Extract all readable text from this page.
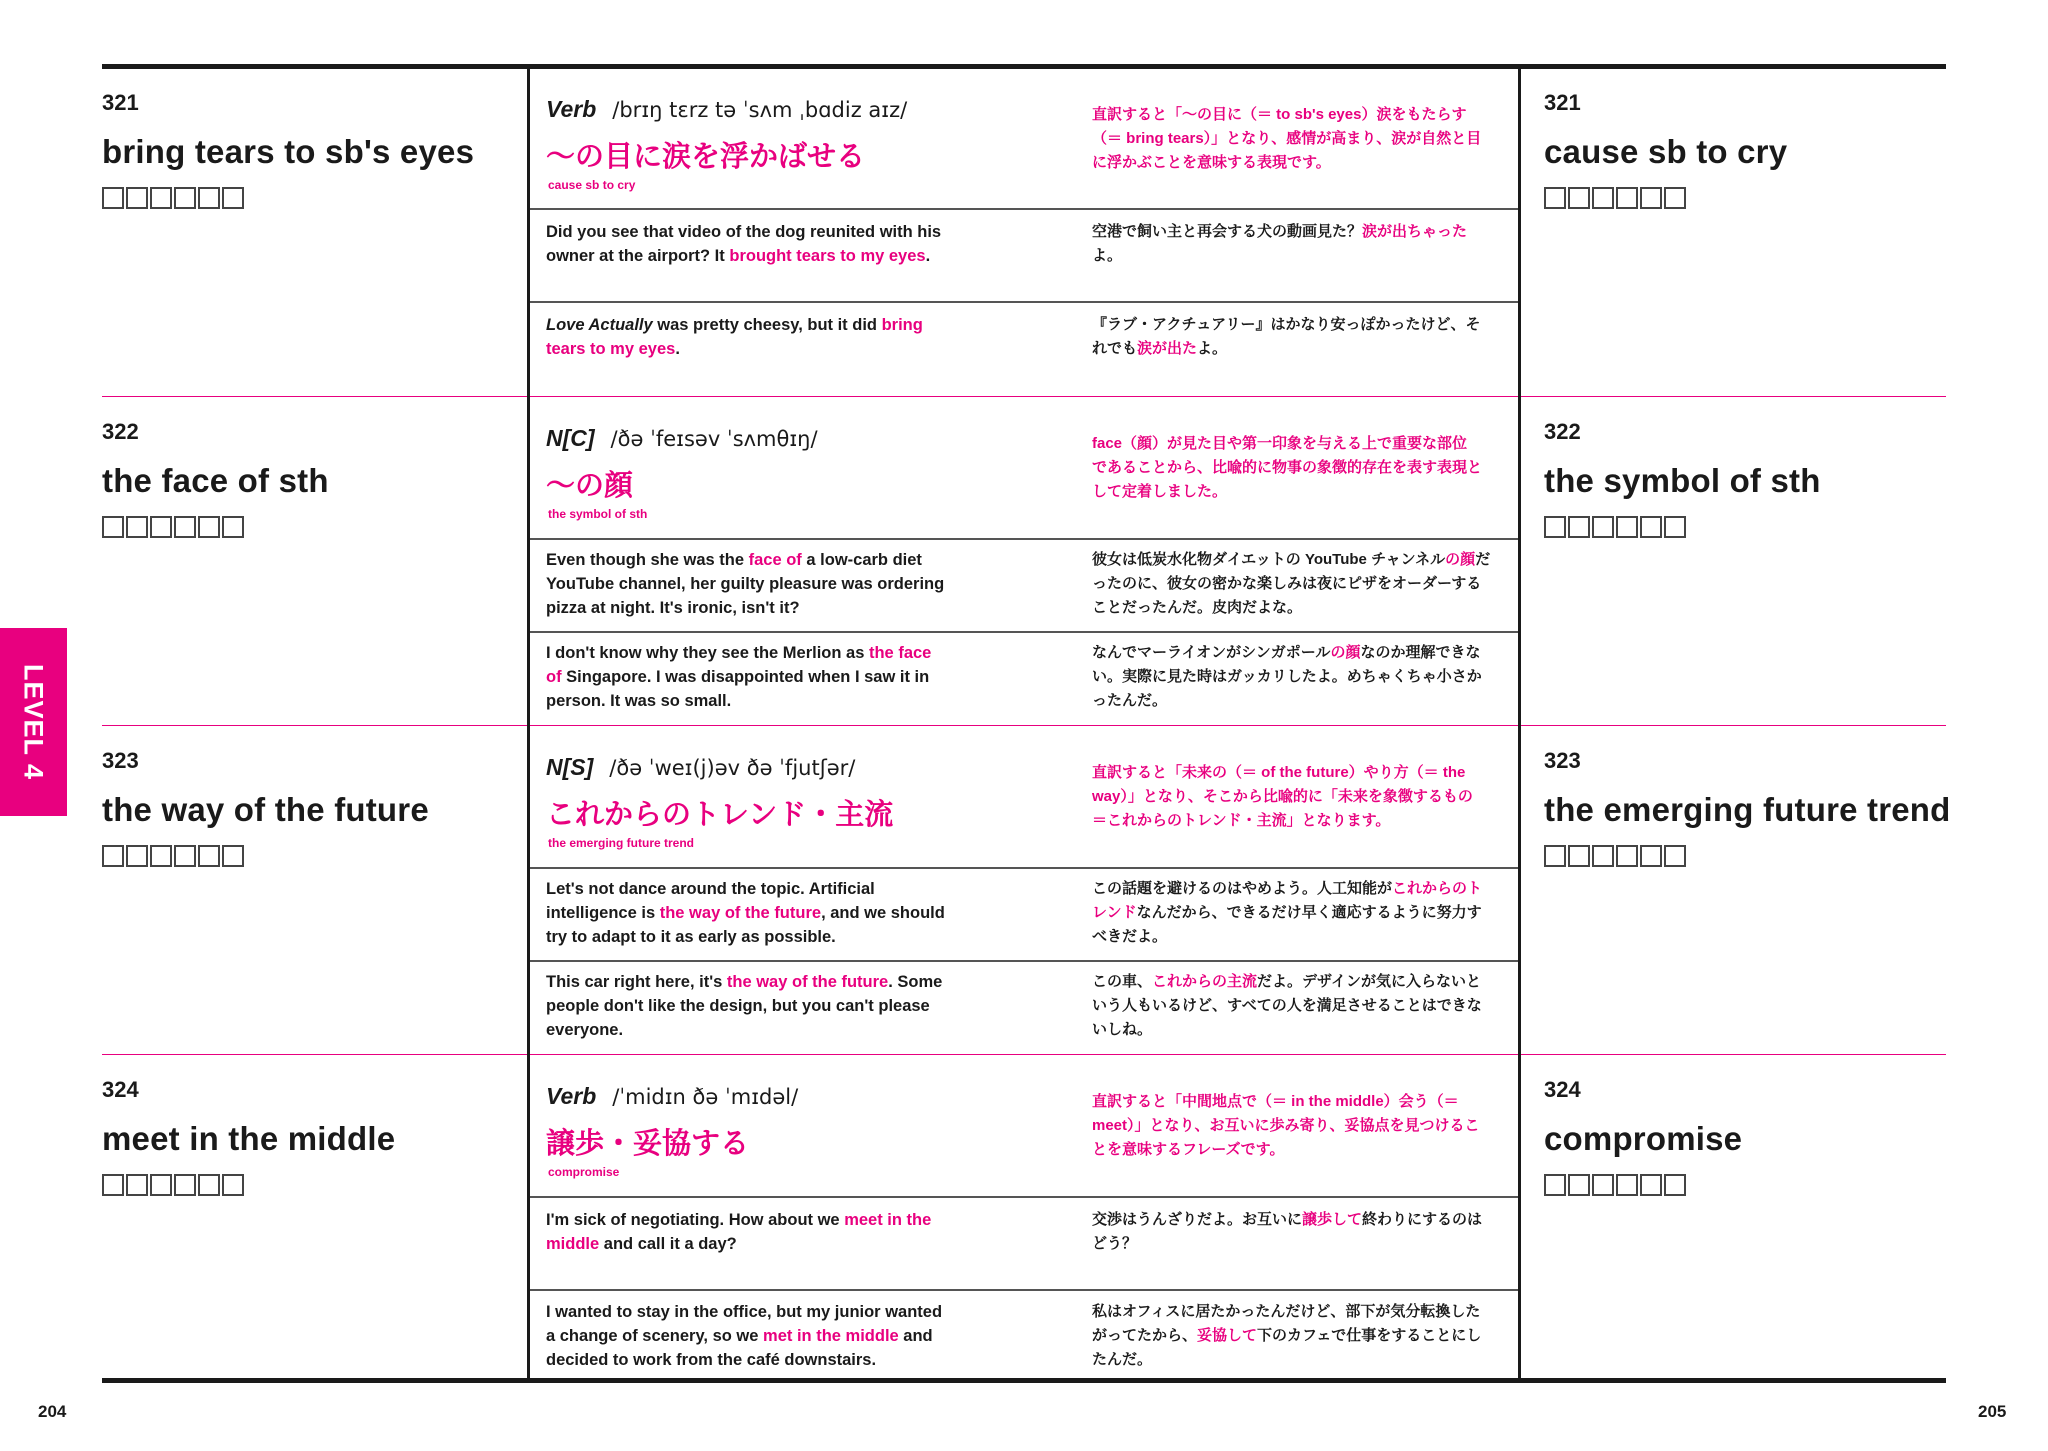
321
bring tears to sb's eyes
Verb /brɪŋ tɛrz tə ˈsʌm ˌbɑdiz aɪz/
〜の目に涙を浮かばせる
cause sb to cry
直訳すると「〜の目に（＝ to sb's eyes）涙をもたらす（＝ bring tears）」となり、感情が高まり、涙が自然と目に浮かぶことを意味する表現です。
Did you see that video of the dog reunited with his owner at the airport? It brought tears to my eyes.
空港で飼い主と再会する犬の動画見た？涙が出ちゃったよ。
Love Actually was pretty cheesy, but it did bring tears to my eyes.
『ラブ・アクチュアリー』はかなり安っぽかったけど、それでも涙が出たよ。
321
cause sb to cry
322
the face of sth
N[C] /ðə ˈfeɪsəv ˈsʌmθɪŋ/
〜の顔
the symbol of sth
face（顔）が見た目や第一印象を与える上で重要な部位であることから、比喩的に物事の象徴的存在を表す表現として定着しました。
Even though she was the face of a low-carb diet YouTube channel, her guilty pleasure was ordering pizza at night. It's ironic, isn't it?
彼女は低炭水化物ダイエットの YouTube チャンネルの顔だったのに、彼女の密かな楽しみは夜にピザをオーダーすることだったんだ。皮肉だよな。
I don't know why they see the Merlion as the face of Singapore. I was disappointed when I saw it in person. It was so small.
なんでマーライオンがシンガポールの顔なのか理解できない。実際に見た時はガッカリしたよ。めちゃくちゃ小さかったんだ。
322
the symbol of sth
323
the way of the future
N[S] /ðə ˈweɪ(j)əv ðə ˈfjutʃər/
これからのトレンド・主流
the emerging future trend
直訳すると「未来の（＝ of the future）やり方（＝ the way）」となり、そこから比喩的に「未来を象徴するもの＝これからのトレンド・主流」となります。
Let's not dance around the topic. Artificial intelligence is the way of the future, and we should try to adapt to it as early as possible.
この話題を避けるのはやめよう。人工知能がこれからのトレンドなんだから、できるだけ早く適応するように努力すべきだよ。
This car right here, it's the way of the future. Some people don't like the design, but you can't please everyone.
この車、これからの主流だよ。デザインが気に入らないという人もいるけど、すべての人を満足させることはできないしね。
323
the emerging future trend
324
meet in the middle
Verb /ˈmidɪn ðə ˈmɪdəl/
譲歩・妥協する
compromise
直訳すると「中間地点で（＝ in the middle）会う（＝ meet）」となり、お互いに歩み寄り、妥協点を見つけることを意味するフレーズです。
I'm sick of negotiating. How about we meet in the middle and call it a day?
交渉はうんざりだよ。お互いに譲歩して終わりにするのはどう？
I wanted to stay in the office, but my junior wanted a change of scenery, so we met in the middle and decided to work from the café downstairs.
私はオフィスに居たかったんだけど、部下が気分転換したがってたから、妥協して下のカフェで仕事をすることにしたんだ。
324
compromise
LEVEL 4
204	205
